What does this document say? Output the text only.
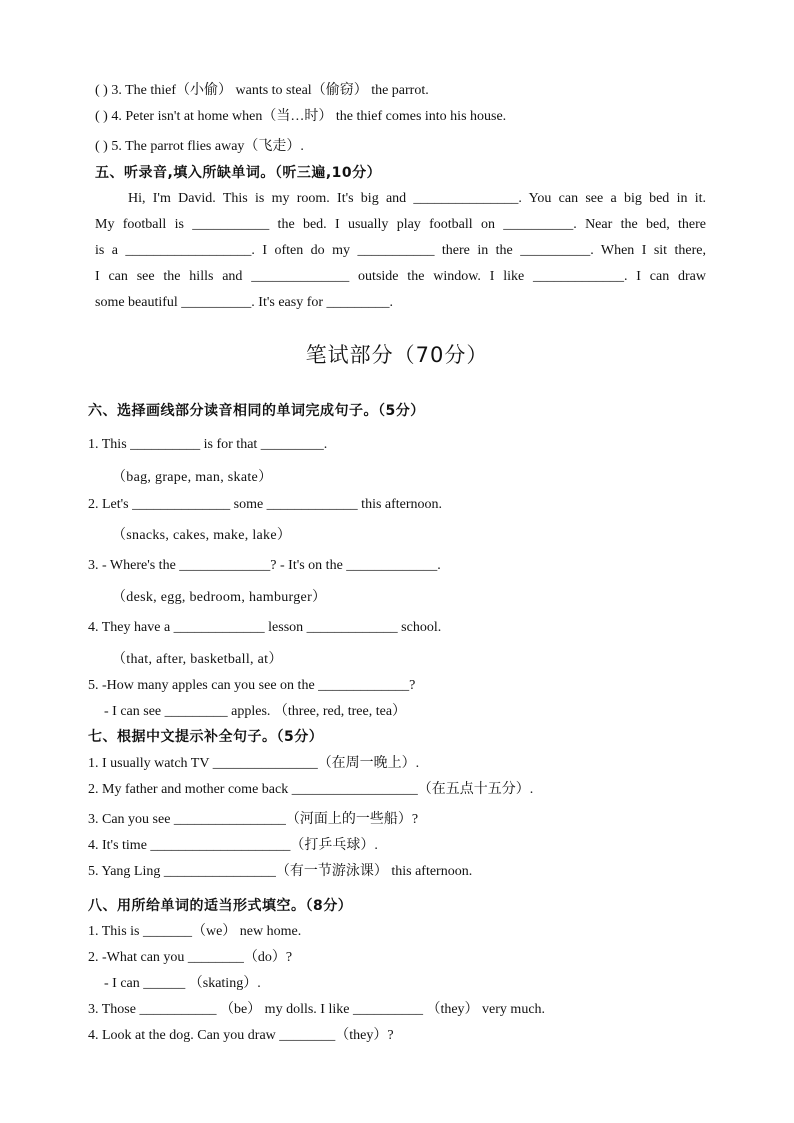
( ) 3. The thief（小偷） wants to steal（偷窃） the parrot.
( ) 4. Peter isn't at home when（当…时） the thief comes into his house.
( ) 5. The parrot flies away（飞走）.
五、听录音,填入所缺单词。（听三遍,10分）
Hi, I'm David. This is my room. It's big and _______________. You can see a big bed in it.
My football is ___________ the bed. I usually play football on __________. Near the bed, there
is a __________________. I often do my ___________ there in the __________. When I sit there,
I can see the hills and ______________ outside the window. I like _____________. I can draw
some beautiful __________. It's easy for _________.
笔试部分（70分）
六、选择画线部分读音相同的单词完成句子。（5分）
1. This __________ is for that _________.
（bag, grape, man, skate）
2. Let's ______________ some _____________ this afternoon.
（snacks, cakes, make, lake）
3. - Where's the _____________? - It's on the _____________.
（desk, egg, bedroom, hamburger）
4. They have a _____________ lesson _____________ school.
（that, after, basketball, at）
5. -How many apples can you see on the _____________?
- I can see _________ apples. （three, red, tree, tea）
七、根据中文提示补全句子。（5分）
1. I usually watch TV _______________（在周一晚上）.
2. My father and mother come back __________________（在五点十五分）.
3. Can you see ________________（河面上的一些船）?
4. It's time ____________________（打乒乓球）.
5. Yang Ling ________________（有一节游泳课） this afternoon.
八、用所给单词的适当形式填空。（8分）
1. This is _______（we） new home.
2. -What can you ________（do）?
- I can ______ （skating）.
3. Those ___________ （be） my dolls. I like __________ （they） very much.
4. Look at the dog. Can you draw ________（they）?
